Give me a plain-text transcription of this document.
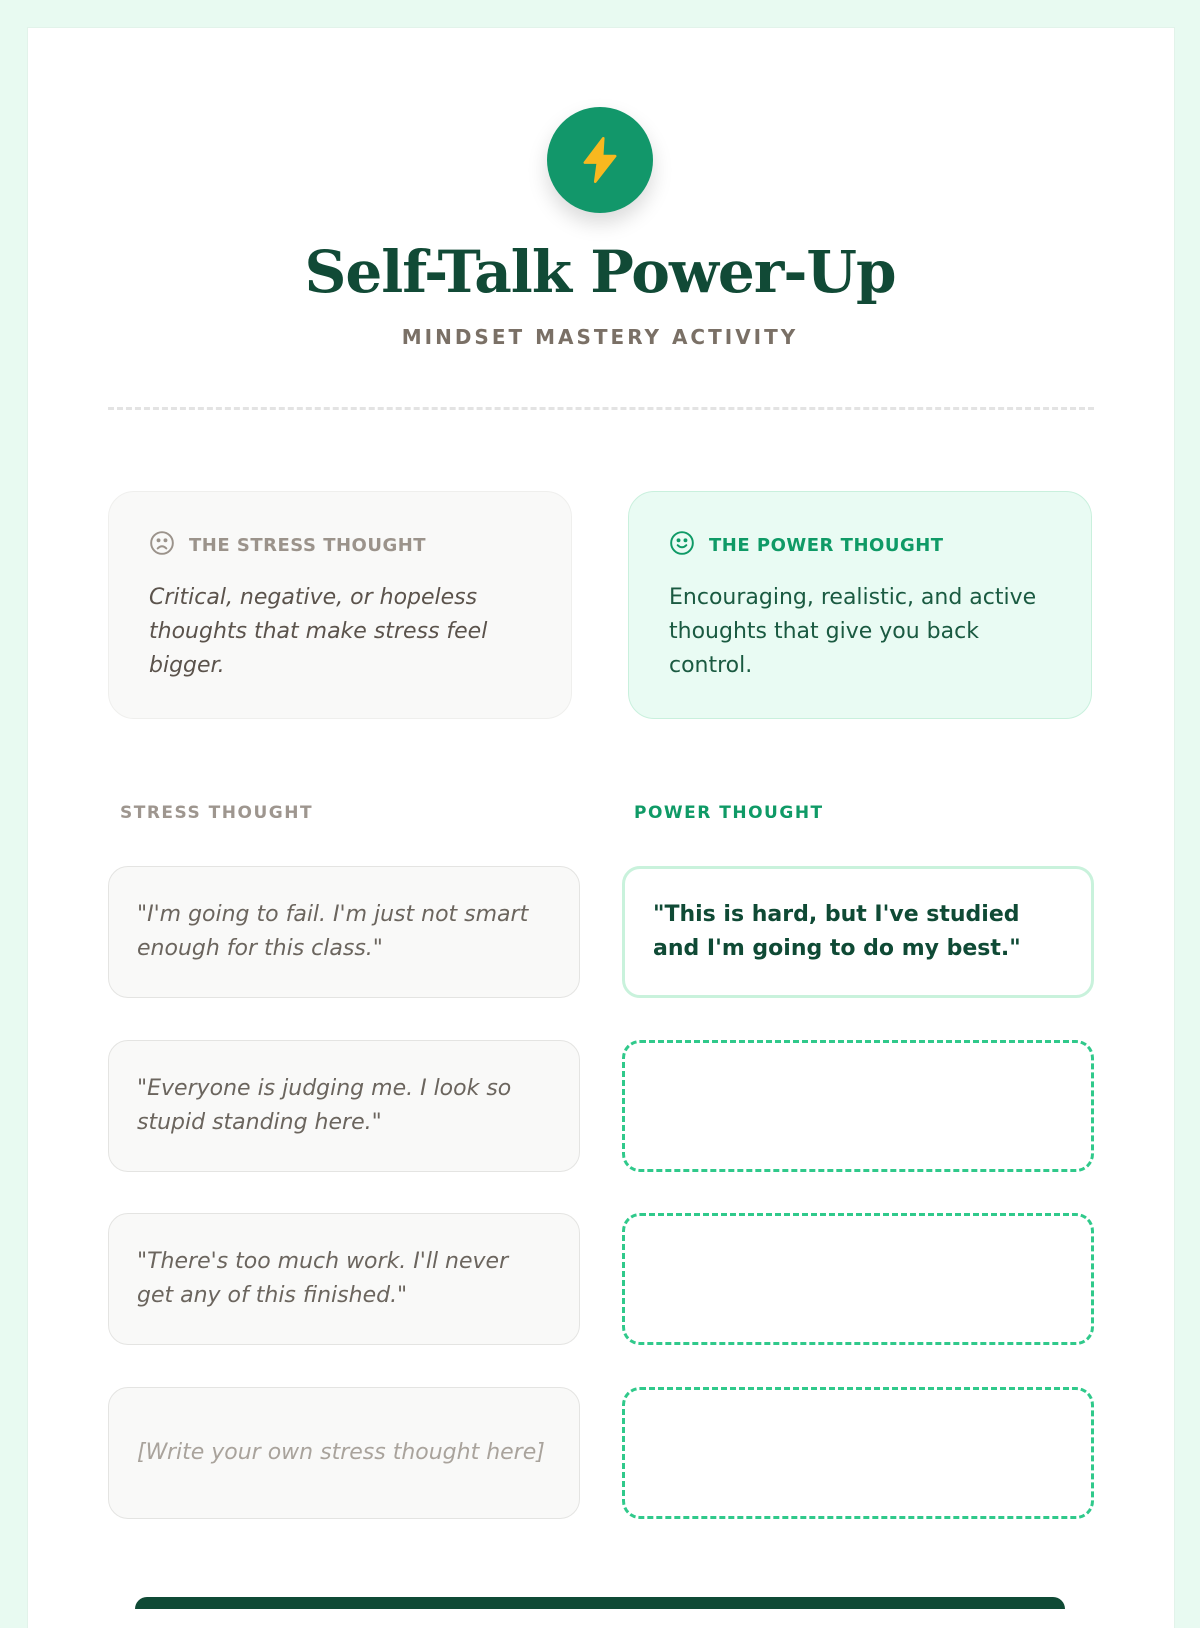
Self-Talk Power-Up
MINDSET MASTERY ACTIVITY
THE STRESS THOUGHT
Critical, negative, or hopeless thoughts that make stress feel bigger.
THE POWER THOUGHT
Encouraging, realistic, and active thoughts that give you back control.
STRESS THOUGHT	POWER THOUGHT
"I'm going to fail. I'm just not smart enough for this class."
"This is hard, but I've studied and I'm going to do my best."
"Everyone is judging me. I look so stupid standing here."
"There's too much work. I'll never get any of this finished."
[Write your own stress thought here]
